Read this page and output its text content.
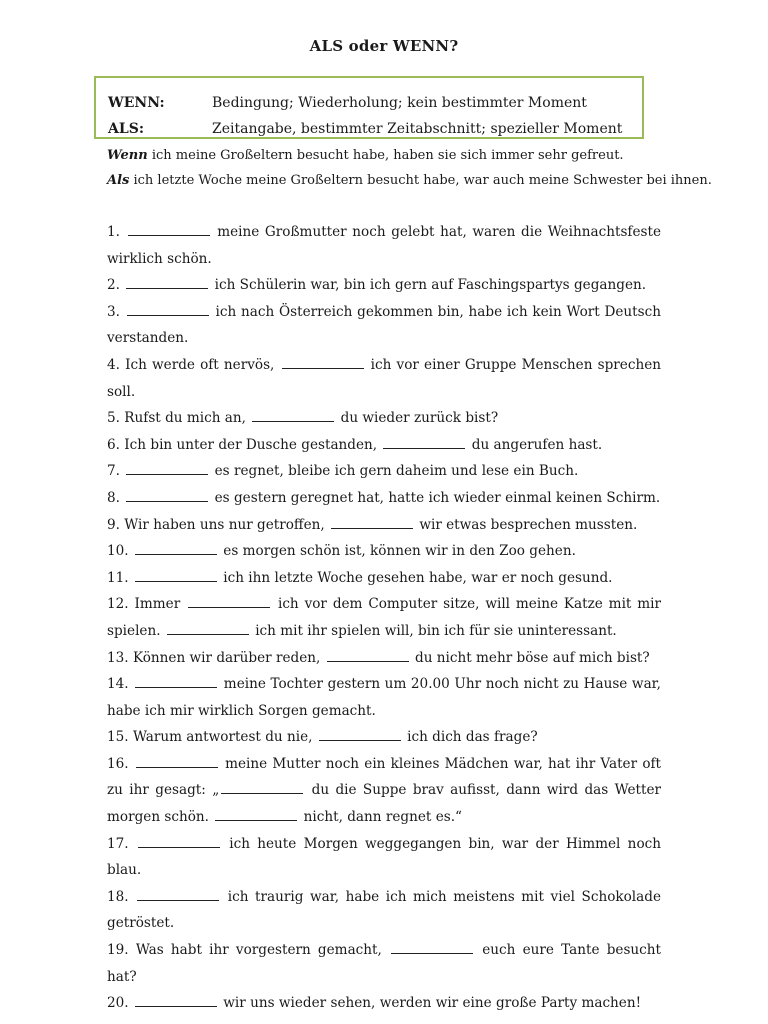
ALS oder WENN?
WENN:	Bedingung; Wiederholung; kein bestimmter Moment
ALS:	Zeitangabe, bestimmter Zeitabschnitt; spezieller Moment
Wenn ich meine Großeltern besucht habe, haben sie sich immer sehr gefreut.
Als ich letzte Woche meine Großeltern besucht habe, war auch meine Schwester bei ihnen.

1.	meine Großmutter noch gelebt hat, waren die Weihnachtsfeste wirklich schön.

2.	ich Schülerin war, bin ich gern auf Faschingspartys gegangen.

3.	ich nach Österreich gekommen bin, habe ich kein Wort Deutsch verstanden.

4. Ich werde oft nervös,	ich vor einer Gruppe Menschen sprechen soll.

5. Rufst du mich an,	du wieder zurück bist?

6. Ich bin unter der Dusche gestanden,	du angerufen hast.

7.	es regnet, bleibe ich gern daheim und lese ein Buch.

8.	es gestern geregnet hat, hatte ich wieder einmal keinen Schirm.

9. Wir haben uns nur getroffen,	wir etwas besprechen mussten.

10.	es morgen schön ist, können wir in den Zoo gehen.

11.	ich ihn letzte Woche gesehen habe, war er noch gesund.

12. Immer	ich vor dem Computer sitze, will meine Katze mit mir spielen.	ich mit ihr spielen will, bin ich für sie uninteressant.

13. Können wir darüber reden,	du nicht mehr böse auf mich bist?

14.	meine Tochter gestern um 20.00 Uhr noch nicht zu Hause war, habe ich mir wirklich Sorgen gemacht.

15. Warum antwortest du nie,	ich dich das frage?

16.	meine Mutter noch ein kleines Mädchen war, hat ihr Vater oft zu ihr gesagt: „	du die Suppe brav aufisst, dann wird das Wetter morgen schön.	nicht, dann regnet es.“

17.	ich heute Morgen weggegangen bin, war der Himmel noch blau.

18.	ich traurig war, habe ich mich meistens mit viel Schokolade getröstet.

19. Was habt ihr vorgestern gemacht,	euch eure Tante besucht hat?

20.	wir uns wieder sehen, werden wir eine große Party machen!
